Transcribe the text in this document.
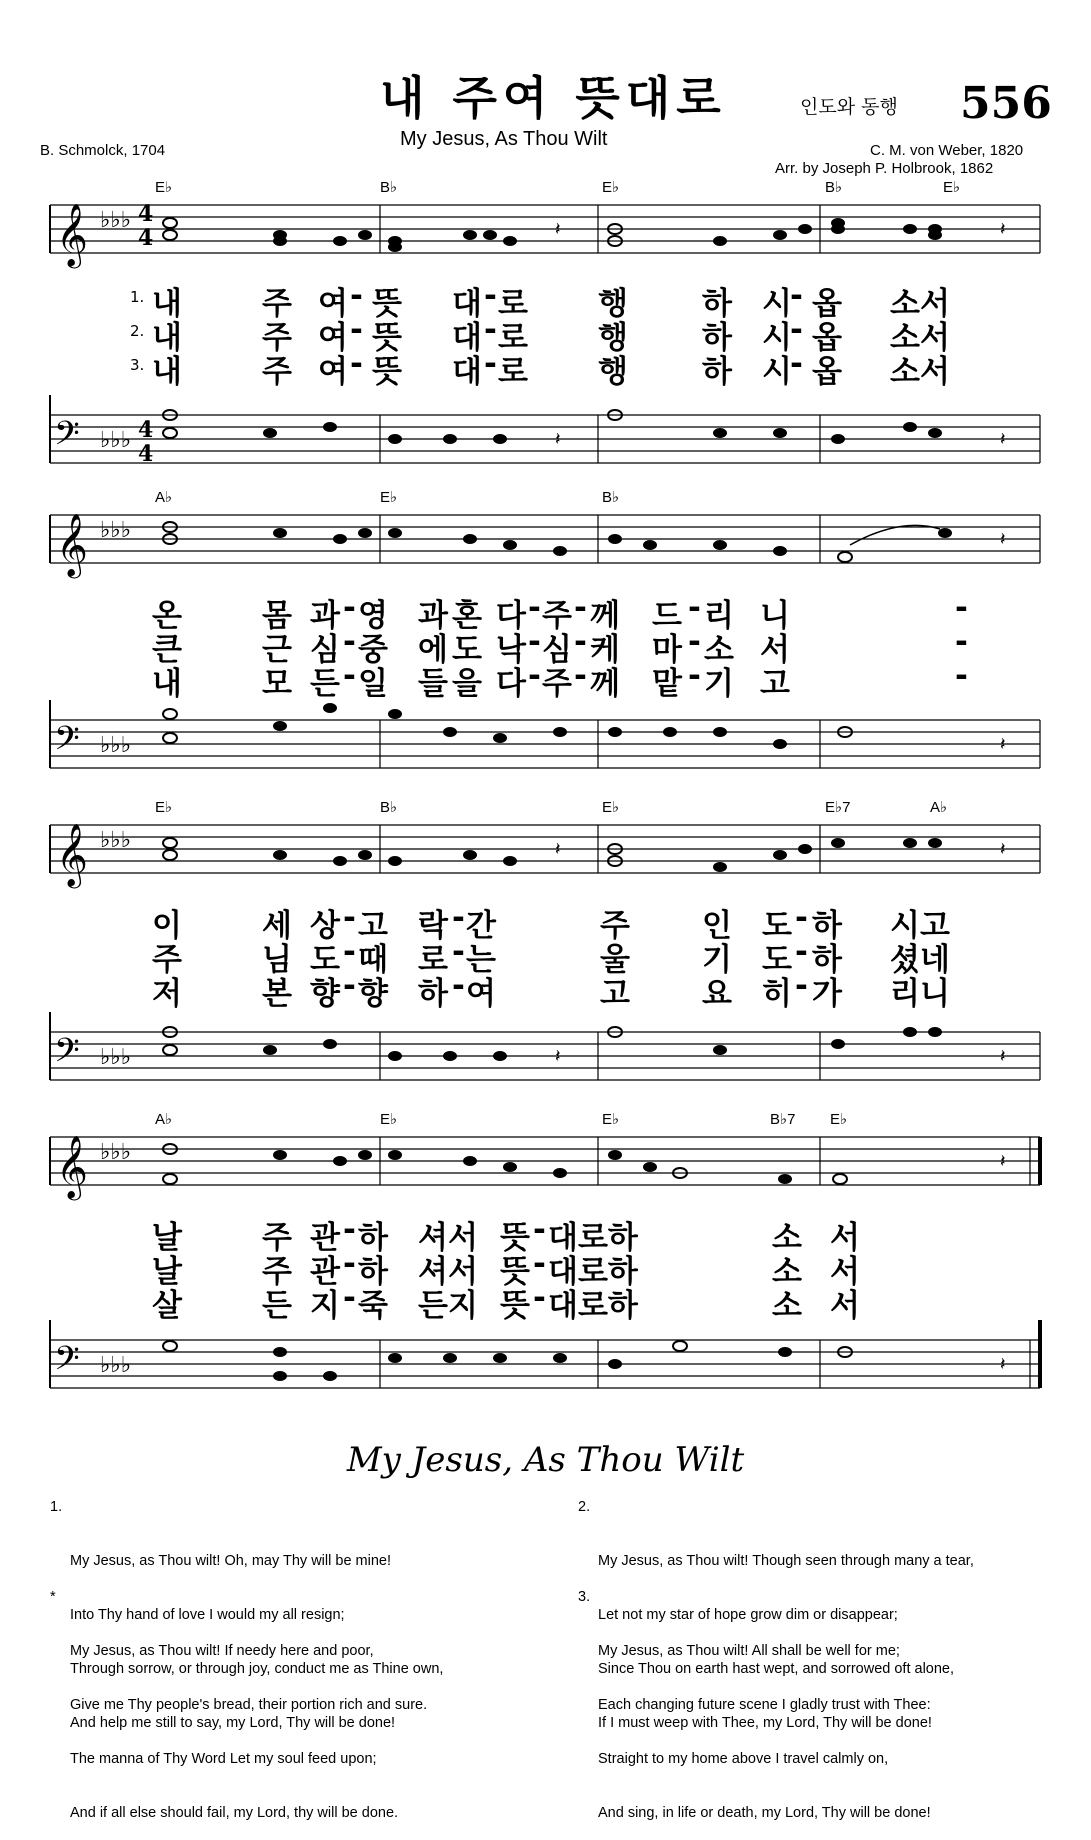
내 주여 뜻대로
My Jesus, As Thou Wilt
인도와 동행 556
B. Schmolck, 1704	C. M. von Weber, 1820
Arr. by Joseph P. Holbrook, 1862
E♭	B♭	E♭	B♭	E♭
𝄞 ♭♭♭
4
4
𝄽	𝄽
1. 내	주 여 - 뜻 대 - 로 행 하 시
- 옵 소서
2. 내	주 여 - 뜻 대 - 로 행 하 시
- 옵 소서
3. 내	주 여 - 뜻 대 - 로 행 하 시
- 옵 소서
𝄢 ♭♭♭ 4
4
𝄽	𝄽
A♭	E♭	B♭
𝄞 ♭♭♭	𝄽
온	몸 과 - 영 과 혼 다 - 주 - 께 드 - 리 니	-
큰	근 심 - 중 에 도 낙 - 심 - 케 마 - 소 서	-
내	모 든 - 일 들 을 다 - 주 - 께 맡 - 기 고	-
𝄢 ♭♭♭	𝄽
E♭	B♭	E♭	E♭7	A♭
𝄞 ♭♭♭	𝄽	𝄽
이	세 상 - 고 락 - 간	주 인 도 - 하 시고
주	님 도 - 때 로 - 는	울 기 도 - 하 셨네
저	본 향 - 향 하 - 여	고 요 히 - 가 리니
𝄢 ♭♭♭	𝄽	𝄽
A♭	E♭	E♭	B♭7 E♭
𝄞 ♭♭♭	𝄽
날	주 관 - 하 셔서 뜻 - 대로하	소 서
날	주 관 - 하 셔서 뜻 - 대로하	소 서
살	든 지 - 죽 든지 뜻 - 대로하	소 서
𝄢 ♭♭♭	𝄽
My Jesus, As Thou Wilt

1.

My Jesus, as Thou wilt! Oh, may Thy will be mine!

Into Thy hand of love I would my all resign;

Through sorrow, or through joy, conduct me as Thine own,

And help me still to say, my Lord, Thy will be done!

*

My Jesus, as Thou wilt! If needy here and poor,

Give me Thy people's bread, their portion rich and sure.

The manna of Thy Word Let my soul feed upon;

And if all else should fail, my Lord, thy will be done.

2.

My Jesus, as Thou wilt! Though seen through many a tear,

Let not my star of hope grow dim or disappear;

Since Thou on earth hast wept, and sorrowed oft alone,

If I must weep with Thee, my Lord, Thy will be done!

3.

My Jesus, as Thou wilt! All shall be well for me;

Each changing future scene I gladly trust with Thee:

Straight to my home above I travel calmly on,

And sing, in life or death, my Lord, Thy will be done!
